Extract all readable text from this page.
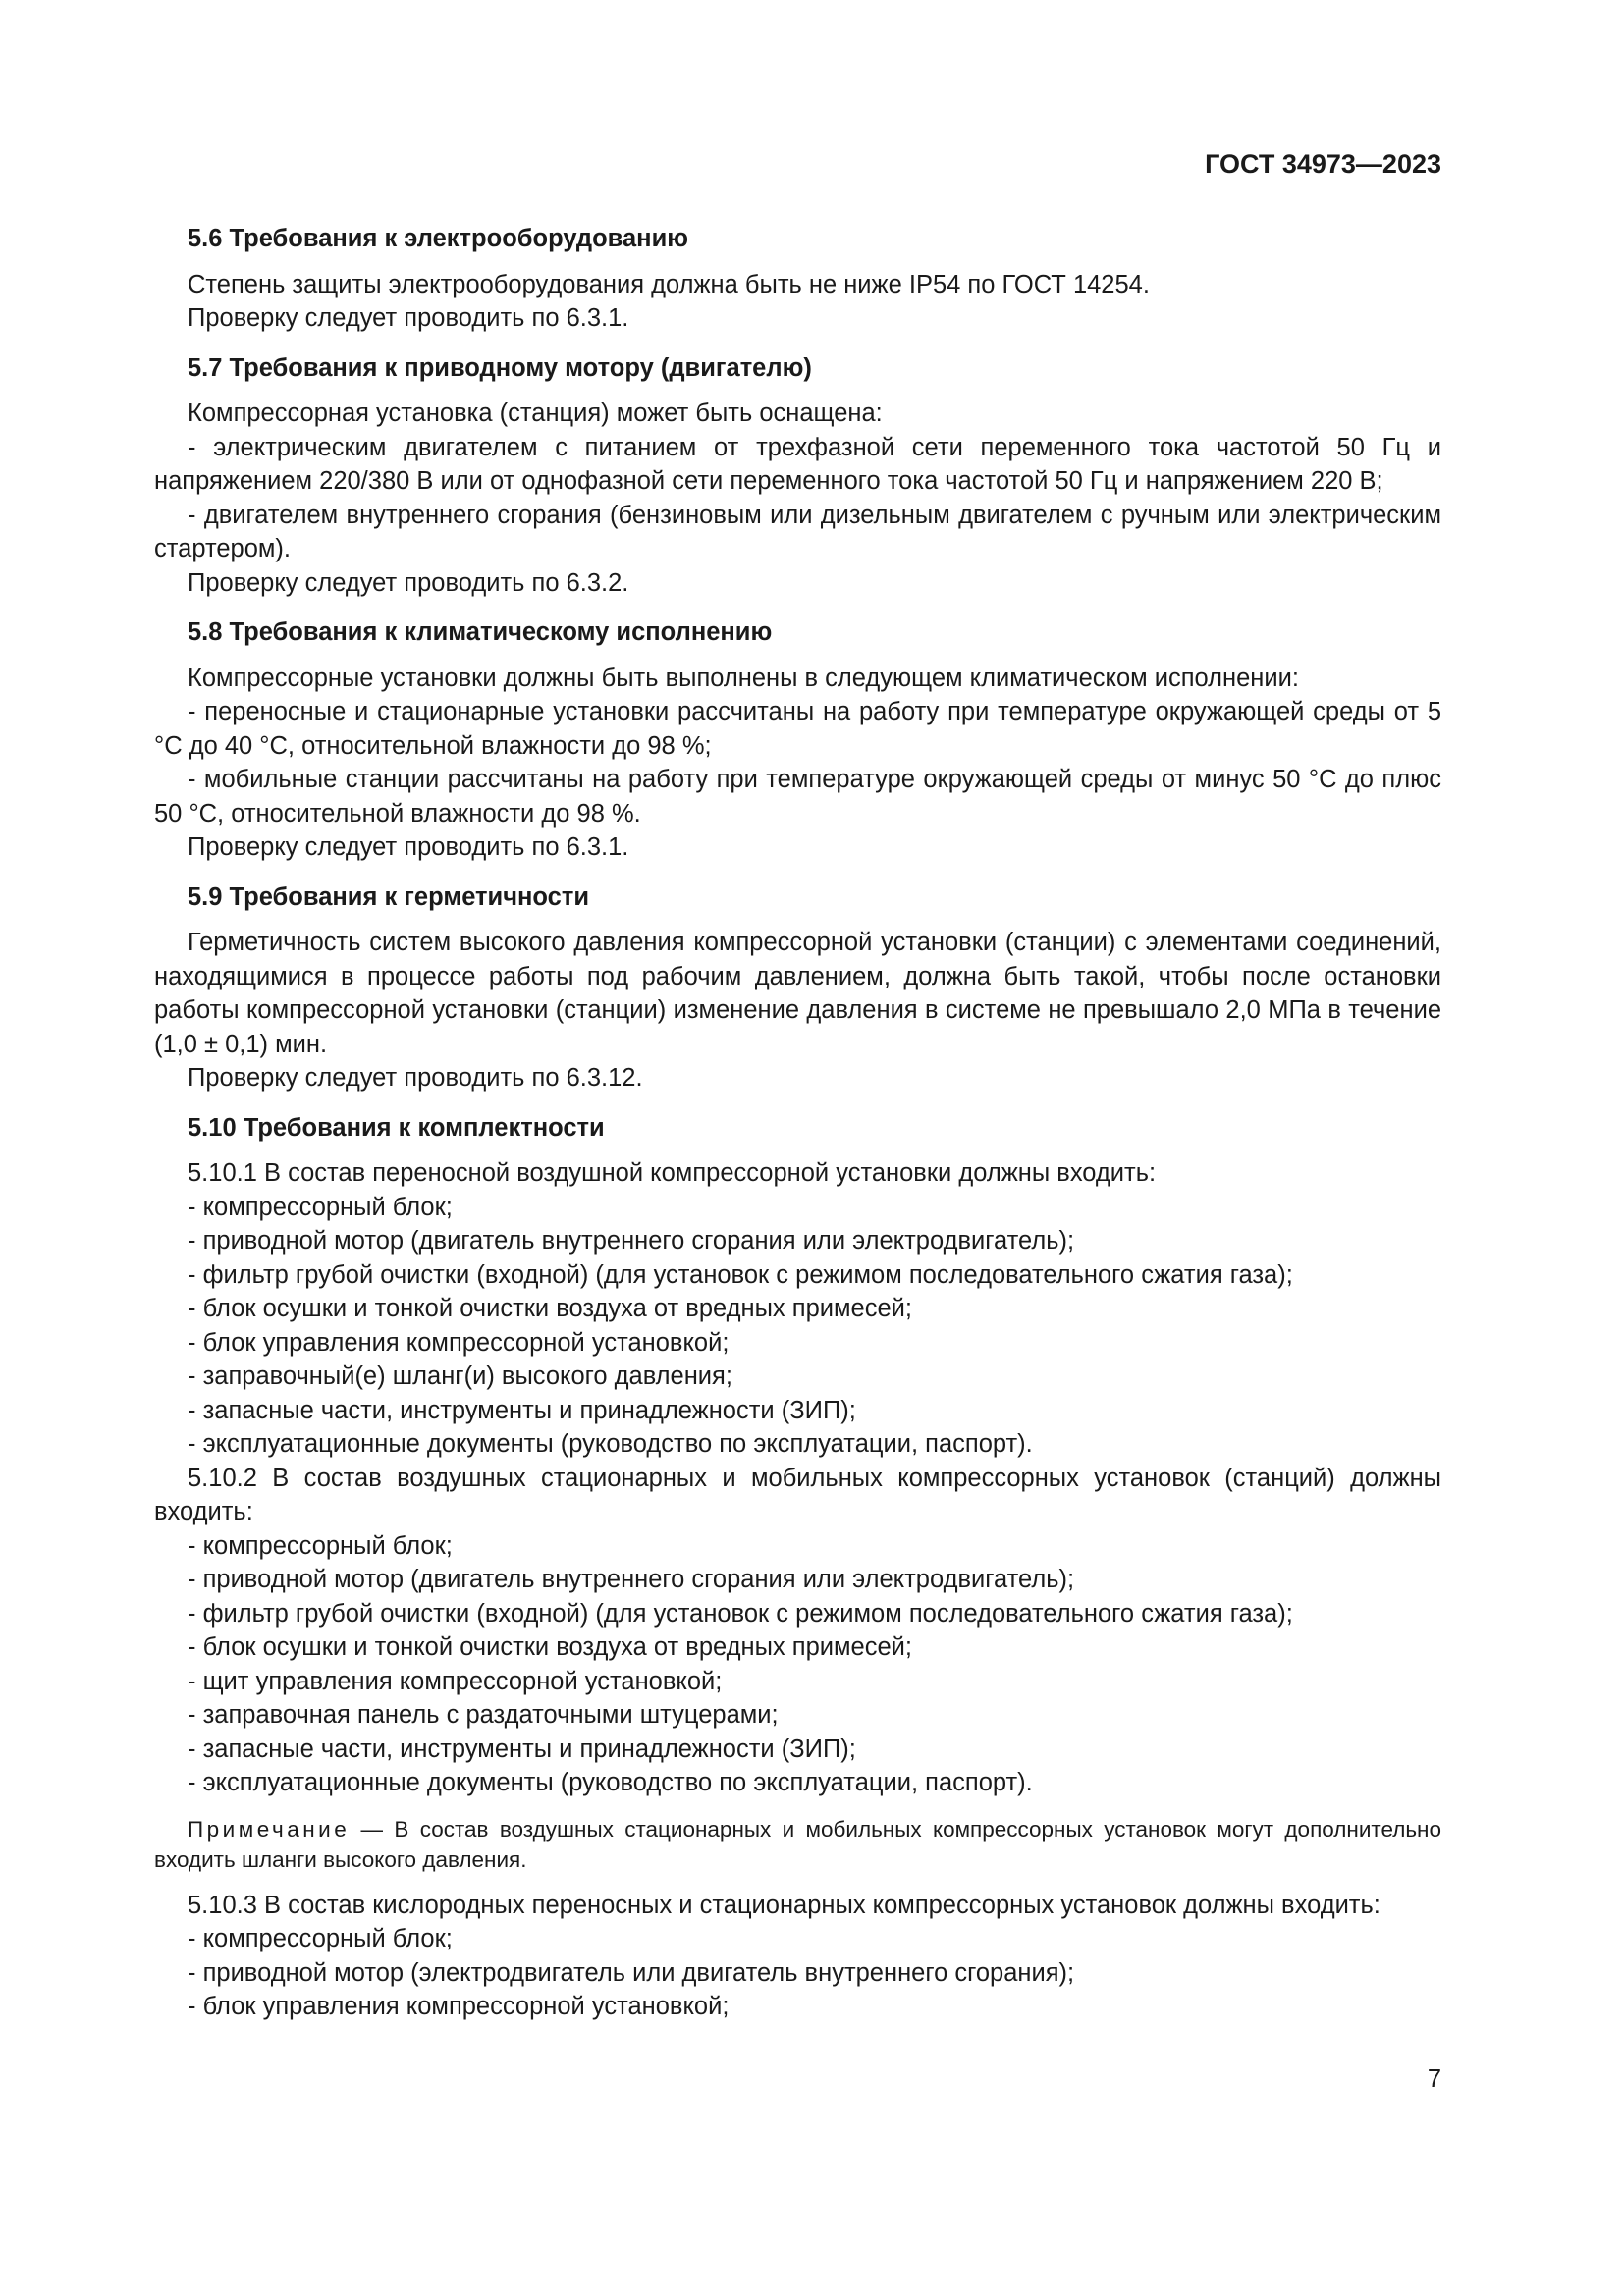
ГОСТ 34973—2023
5.6 Требования к электрооборудованию

Степень защиты электрооборудования должна быть не ниже IP54 по ГОСТ 14254.

Проверку следует проводить по 6.3.1.

5.7 Требования к приводному мотору (двигателю)

Компрессорная установка (станция) может быть оснащена:

- электрическим двигателем с питанием от трехфазной сети переменного тока частотой 50 Гц и напряжением 220/380 В или от однофазной сети переменного тока частотой 50 Гц и напряжением 220 В;

- двигателем внутреннего сгорания (бензиновым или дизельным двигателем с ручным или электрическим стартером).

Проверку следует проводить по 6.3.2.

5.8 Требования к климатическому исполнению

Компрессорные установки должны быть выполнены в следующем климатическом исполнении:

- переносные и стационарные установки рассчитаны на работу при температуре окружающей среды от 5 °С до 40 °С, относительной влажности до 98 %;

- мобильные станции рассчитаны на работу при температуре окружающей среды от минус 50 °С до плюс 50 °С, относительной влажности до 98 %.

Проверку следует проводить по 6.3.1.

5.9 Требования к герметичности

Герметичность систем высокого давления компрессорной установки (станции) с элементами соединений, находящимися в процессе работы под рабочим давлением, должна быть такой, чтобы после остановки работы компрессорной установки (станции) изменение давления в системе не превышало 2,0 МПа в течение (1,0 ± 0,1) мин.

Проверку следует проводить по 6.3.12.

5.10 Требования к комплектности

5.10.1 В состав переносной воздушной компрессорной установки должны входить:

- компрессорный блок;

- приводной мотор (двигатель внутреннего сгорания или электродвигатель);

- фильтр грубой очистки (входной) (для установок с режимом последовательного сжатия газа);

- блок осушки и тонкой очистки воздуха от вредных примесей;

- блок управления компрессорной установкой;

- заправочный(е) шланг(и) высокого давления;

- запасные части, инструменты и принадлежности (ЗИП);

- эксплуатационные документы (руководство по эксплуатации, паспорт).

5.10.2 В состав воздушных стационарных и мобильных компрессорных установок (станций) должны входить:

- компрессорный блок;

- приводной мотор (двигатель внутреннего сгорания или электродвигатель);

- фильтр грубой очистки (входной) (для установок с режимом последовательного сжатия газа);

- блок осушки и тонкой очистки воздуха от вредных примесей;

- щит управления компрессорной установкой;

- заправочная панель с раздаточными штуцерами;

- запасные части, инструменты и принадлежности (ЗИП);

- эксплуатационные документы (руководство по эксплуатации, паспорт).

Примечание — В состав воздушных стационарных и мобильных компрессорных установок могут дополнительно входить шланги высокого давления.

5.10.3 В состав кислородных переносных и стационарных компрессорных установок должны входить:

- компрессорный блок;

- приводной мотор (электродвигатель или двигатель внутреннего сгорания);

- блок управления компрессорной установкой;

7
